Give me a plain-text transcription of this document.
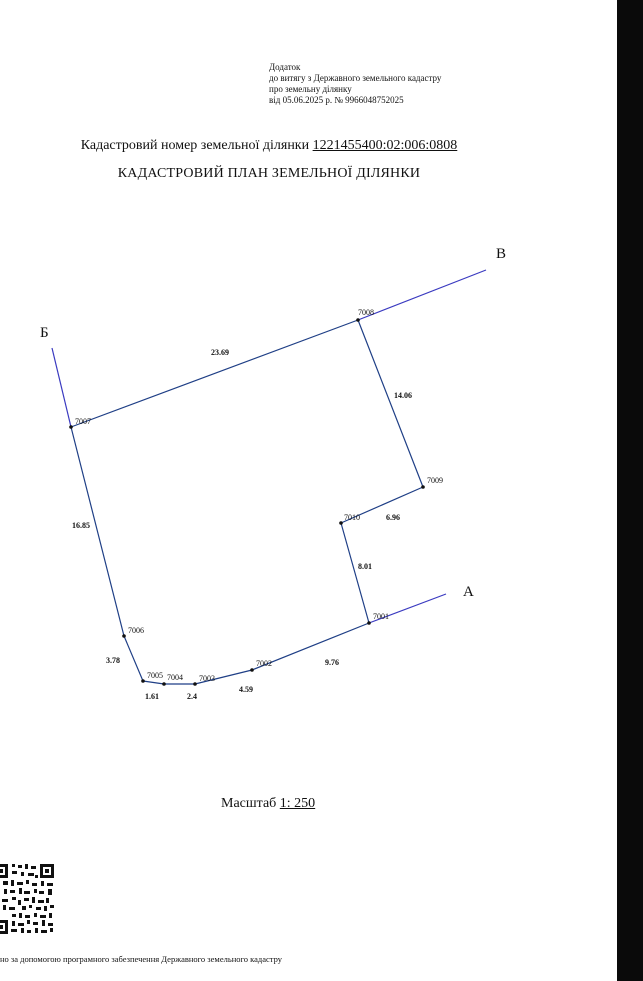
Додаток
до витягу з Державного земельного кадастру
про земельну ділянку
від 05.06.2025 р. № 9966048752025
Кадастровий номер земельної ділянки 1221455400:02:006:0808
КАДАСТРОВИЙ ПЛАН ЗЕМЕЛЬНОЇ ДІЛЯНКИ
В
Б
А
7001
7002
7003
7004
7005
7006
7007
7008
7009
7010
23.69
14.06
6.96
8.01
9.76
4.59
2.4
1.61
3.78
16.85
Масштаб 1: 250
но за допомогою програмного забезпечення Державного земельного кадастру
